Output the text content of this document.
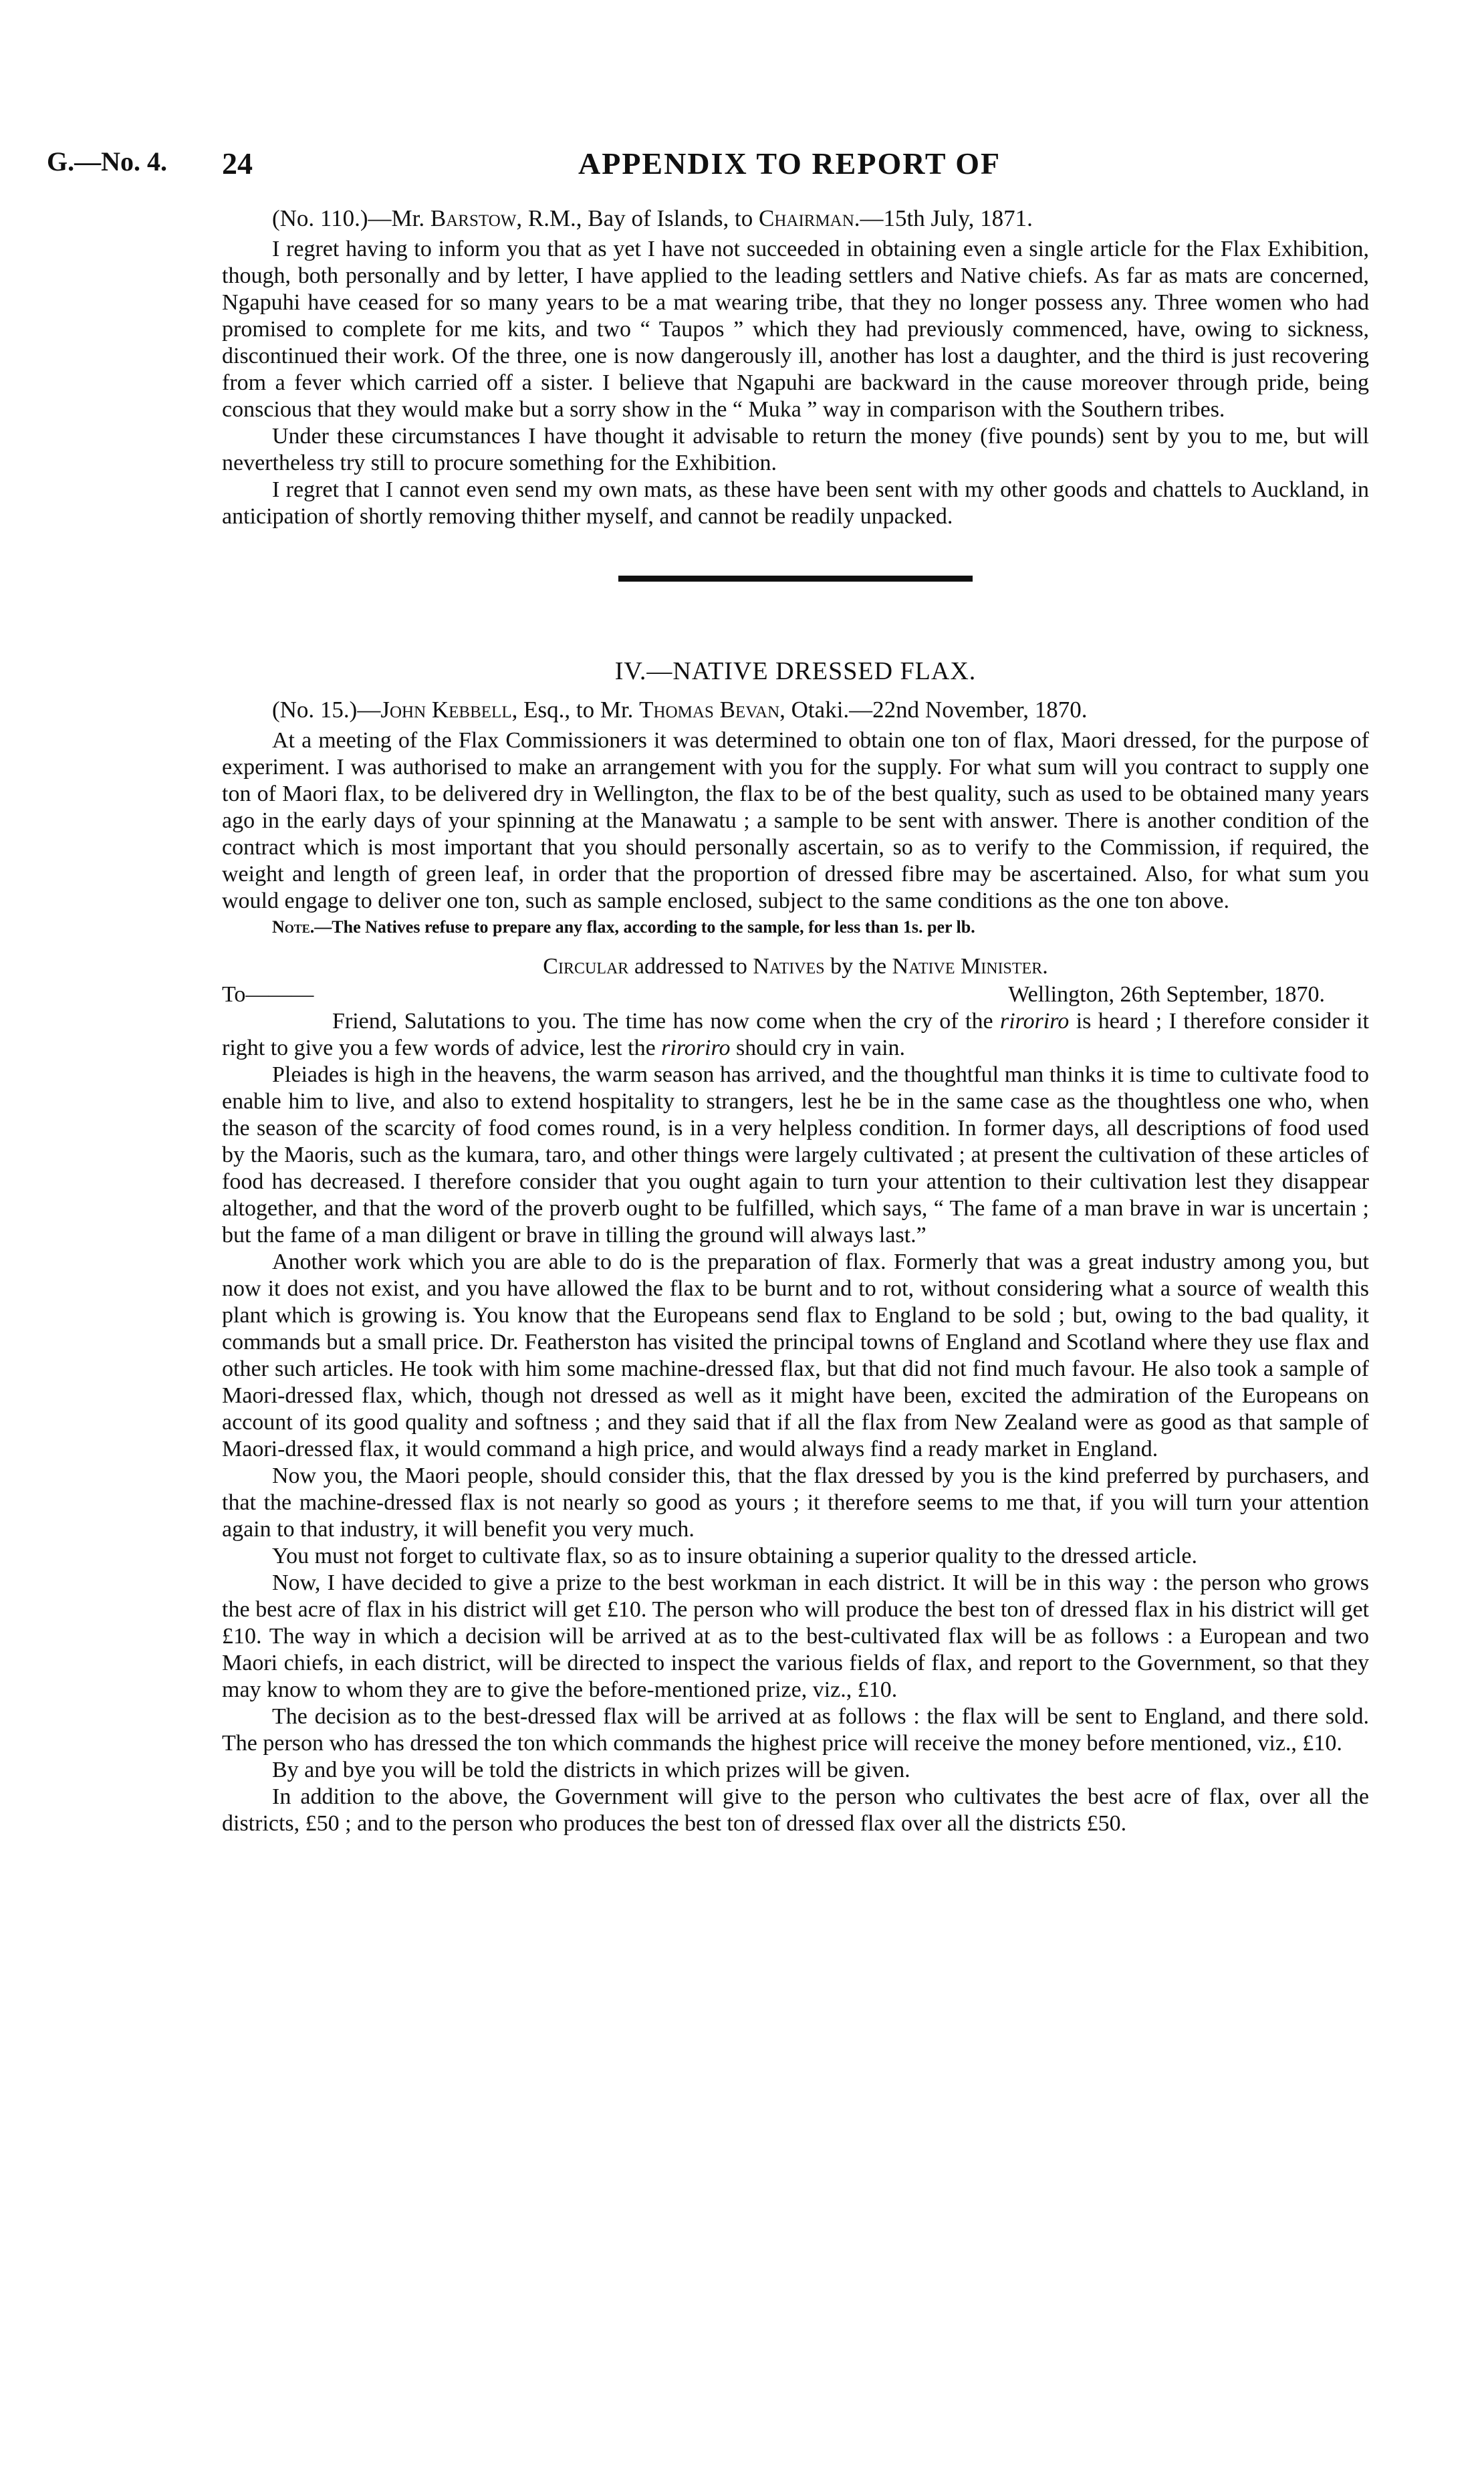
G.—No. 4. 24	APPENDIX TO REPORT OF
(No. 110.)—Mr. Barstow, R.M., Bay of Islands, to Chairman.—15th July, 1871.

I regret having to inform you that as yet I have not succeeded in obtaining even a single article for the Flax Exhibition, though, both personally and by letter, I have applied to the leading settlers and Native chiefs. As far as mats are concerned, Ngapuhi have ceased for so many years to be a mat wearing tribe, that they no longer possess any. Three women who had promised to complete for me kits, and two “ Taupos ” which they had previously commenced, have, owing to sickness, discontinued their work. Of the three, one is now dangerously ill, another has lost a daughter, and the third is just recovering from a fever which carried off a sister. I believe that Ngapuhi are backward in the cause moreover through pride, being conscious that they would make but a sorry show in the “ Muka ” way in comparison with the Southern tribes.

Under these circumstances I have thought it advisable to return the money (five pounds) sent by you to me, but will nevertheless try still to procure something for the Exhibition.

I regret that I cannot even send my own mats, as these have been sent with my other goods and chattels to Auckland, in anticipation of shortly removing thither myself, and cannot be readily unpacked.

IV.—NATIVE DRESSED FLAX.
(No. 15.)—John Kebbell, Esq., to Mr. Thomas Bevan, Otaki.—22nd November, 1870.

At a meeting of the Flax Commissioners it was determined to obtain one ton of flax, Maori dressed, for the purpose of experiment. I was authorised to make an arrangement with you for the supply. For what sum will you contract to supply one ton of Maori flax, to be delivered dry in Wellington, the flax to be of the best quality, such as used to be obtained many years ago in the early days of your spinning at the Manawatu ; a sample to be sent with answer. There is another condition of the contract which is most important that you should personally ascertain, so as to verify to the Commission, if required, the weight and length of green leaf, in order that the proportion of dressed fibre may be ascertained. Also, for what sum you would engage to deliver one ton, such as sample enclosed, subject to the same conditions as the one ton above.

Note.—The Natives refuse to prepare any flax, according to the sample, for less than 1s. per lb.
Circular addressed to Natives by the Native Minister.
To———	Wellington, 26th September, 1870.

Friend, Salutations to you. The time has now come when the cry of the riroriro is heard ; I therefore consider it right to give you a few words of advice, lest the riroriro should cry in vain.

Pleiades is high in the heavens, the warm season has arrived, and the thoughtful man thinks it is time to cultivate food to enable him to live, and also to extend hospitality to strangers, lest he be in the same case as the thoughtless one who, when the season of the scarcity of food comes round, is in a very helpless condition. In former days, all descriptions of food used by the Maoris, such as the kumara, taro, and other things were largely cultivated ; at present the cultivation of these articles of food has decreased. I therefore consider that you ought again to turn your attention to their cultivation lest they disappear altogether, and that the word of the proverb ought to be fulfilled, which says, “ The fame of a man brave in war is uncertain ; but the fame of a man diligent or brave in tilling the ground will always last.”

Another work which you are able to do is the preparation of flax. Formerly that was a great industry among you, but now it does not exist, and you have allowed the flax to be burnt and to rot, without considering what a source of wealth this plant which is growing is. You know that the Europeans send flax to England to be sold ; but, owing to the bad quality, it commands but a small price. Dr. Featherston has visited the principal towns of England and Scotland where they use flax and other such articles. He took with him some machine-dressed flax, but that did not find much favour. He also took a sample of Maori-dressed flax, which, though not dressed as well as it might have been, excited the admiration of the Europeans on account of its good quality and softness ; and they said that if all the flax from New Zealand were as good as that sample of Maori-dressed flax, it would command a high price, and would always find a ready market in England.

Now you, the Maori people, should consider this, that the flax dressed by you is the kind preferred by purchasers, and that the machine-dressed flax is not nearly so good as yours ; it therefore seems to me that, if you will turn your attention again to that industry, it will benefit you very much.

You must not forget to cultivate flax, so as to insure obtaining a superior quality to the dressed article.

Now, I have decided to give a prize to the best workman in each district. It will be in this way : the person who grows the best acre of flax in his district will get £10. The person who will produce the best ton of dressed flax in his district will get £10. The way in which a decision will be arrived at as to the best-cultivated flax will be as follows : a European and two Maori chiefs, in each district, will be directed to inspect the various fields of flax, and report to the Government, so that they may know to whom they are to give the before-mentioned prize, viz., £10.

The decision as to the best-dressed flax will be arrived at as follows : the flax will be sent to England, and there sold. The person who has dressed the ton which commands the highest price will receive the money before mentioned, viz., £10.

By and bye you will be told the districts in which prizes will be given.

In addition to the above, the Government will give to the person who cultivates the best acre of flax, over all the districts, £50 ; and to the person who produces the best ton of dressed flax over all the districts £50.
